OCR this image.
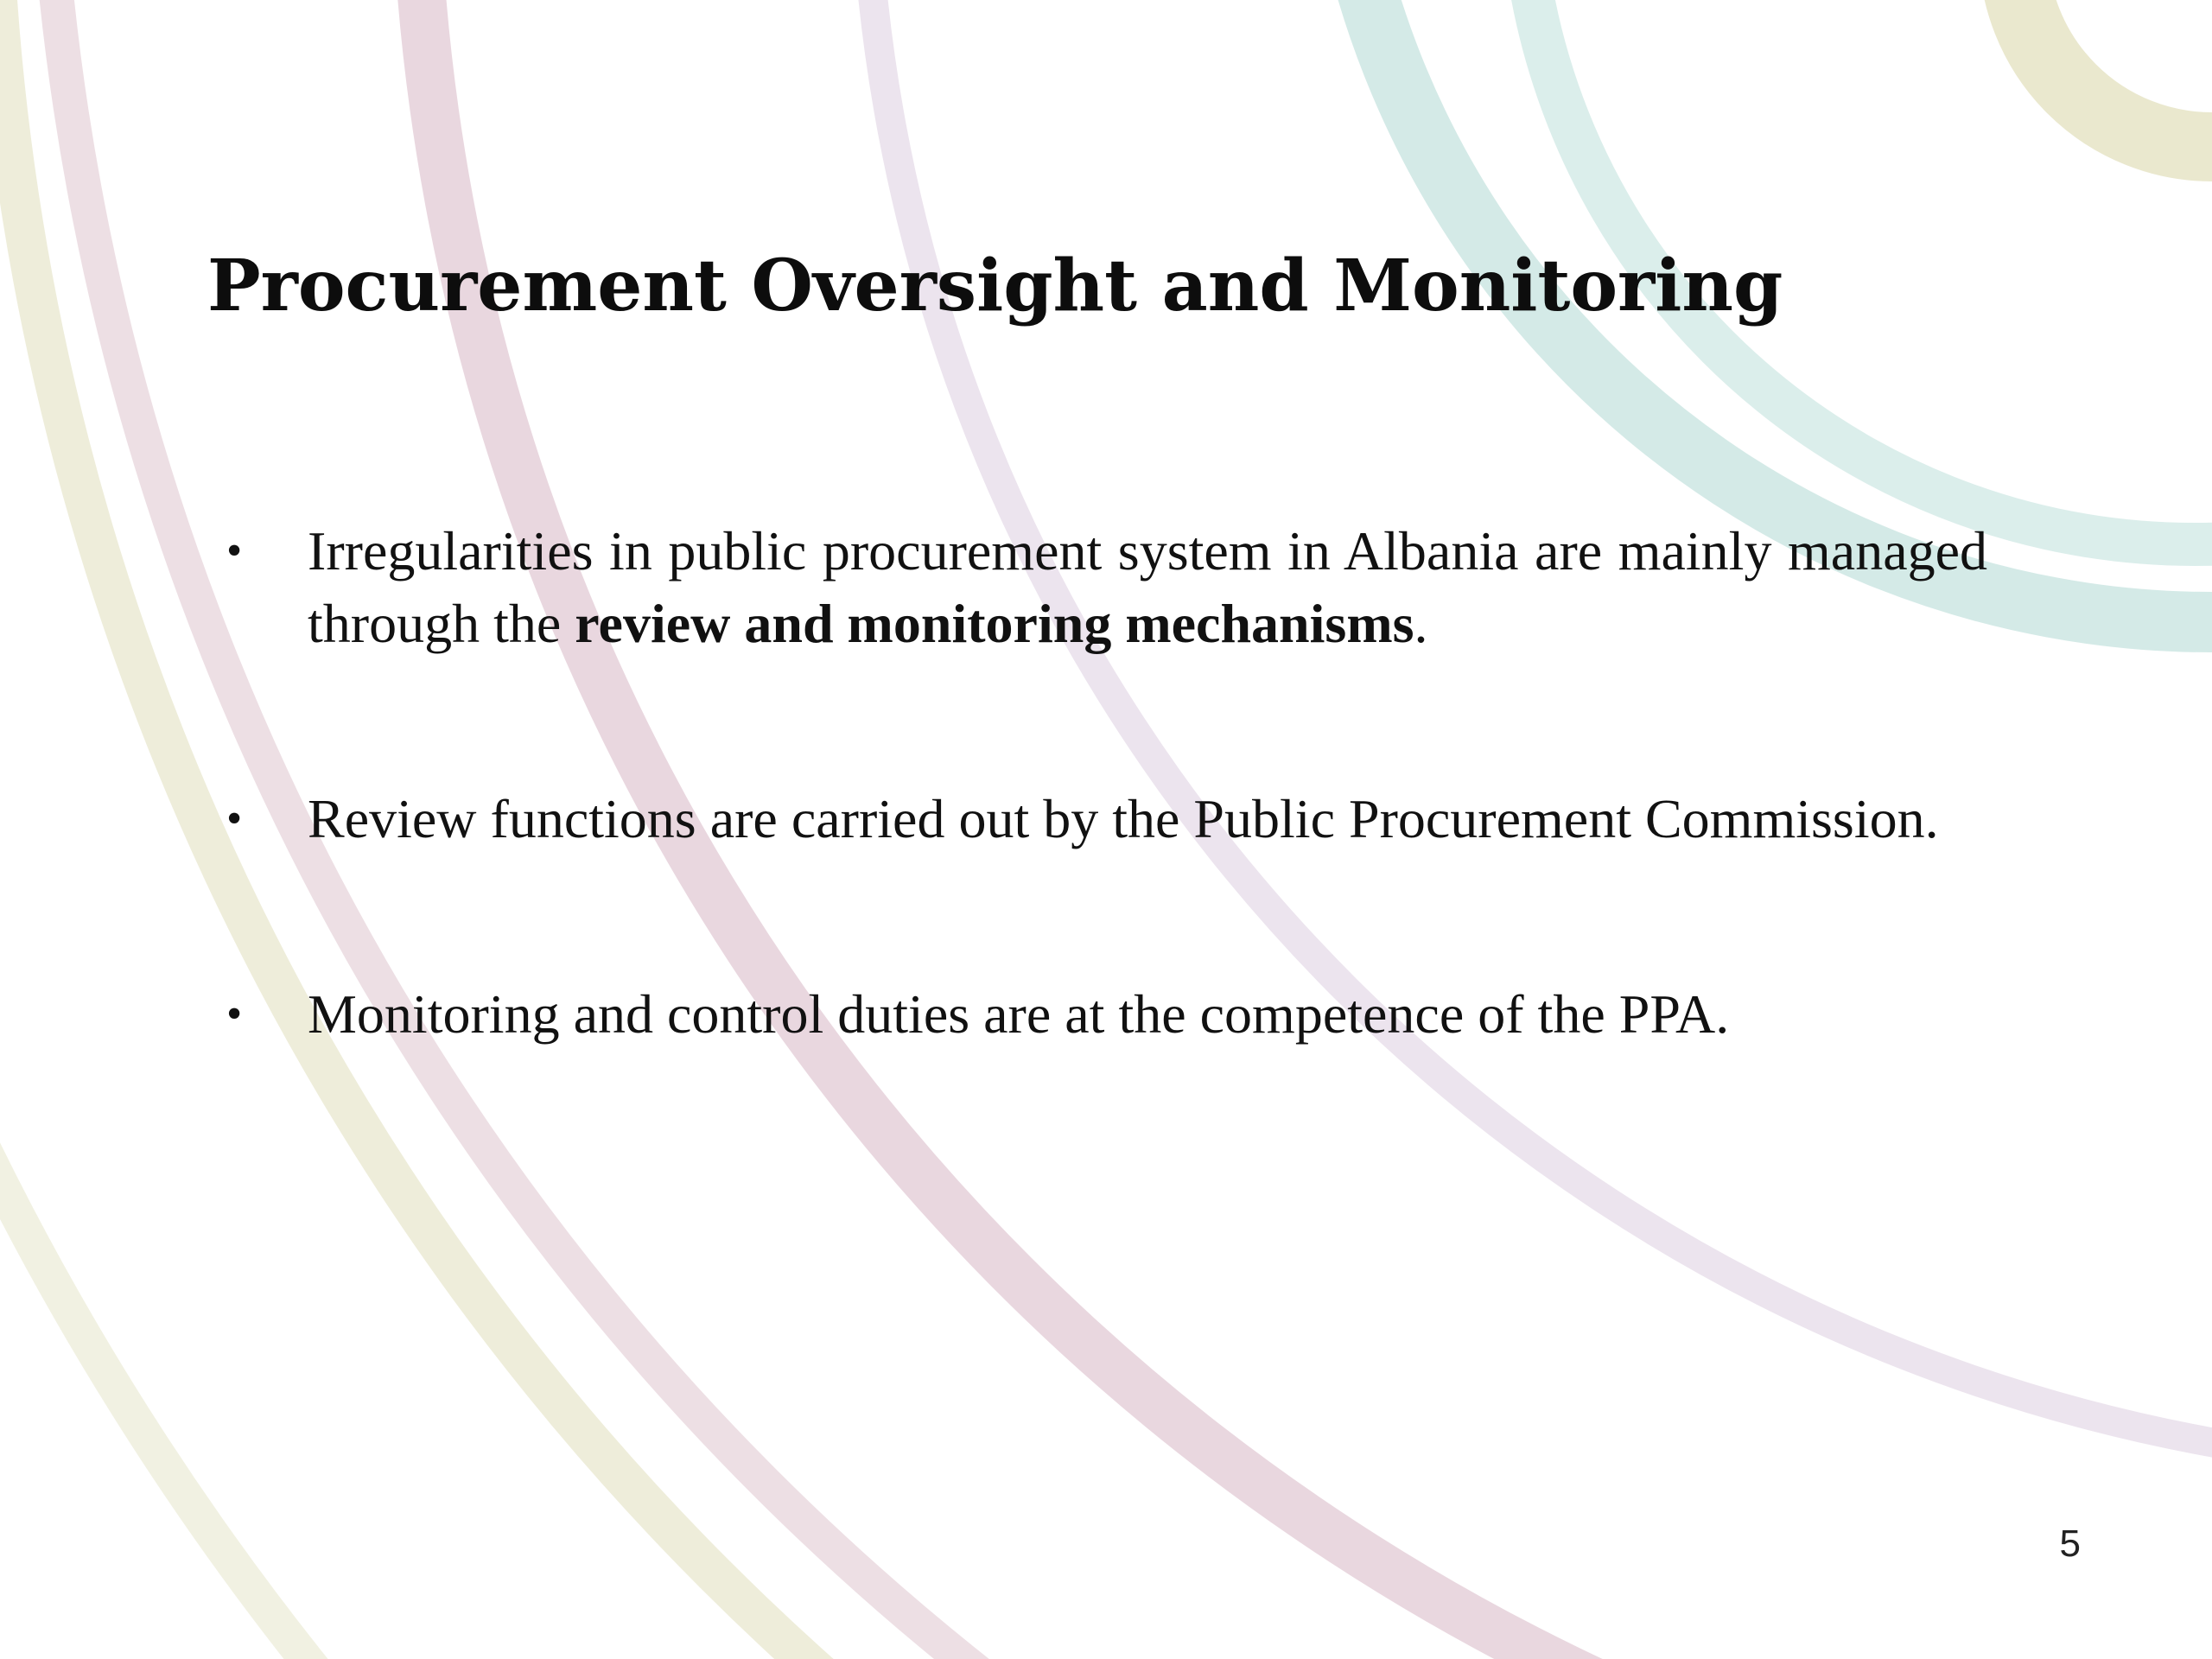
Procurement Oversight and Monitoring
• Irregularities in public procurement system in Albania are mainly managed through the review and monitoring mechanisms.
• Review functions are carried out by the Public Procurement Commission.
• Monitoring and control duties are at the competence of the PPA.
5
